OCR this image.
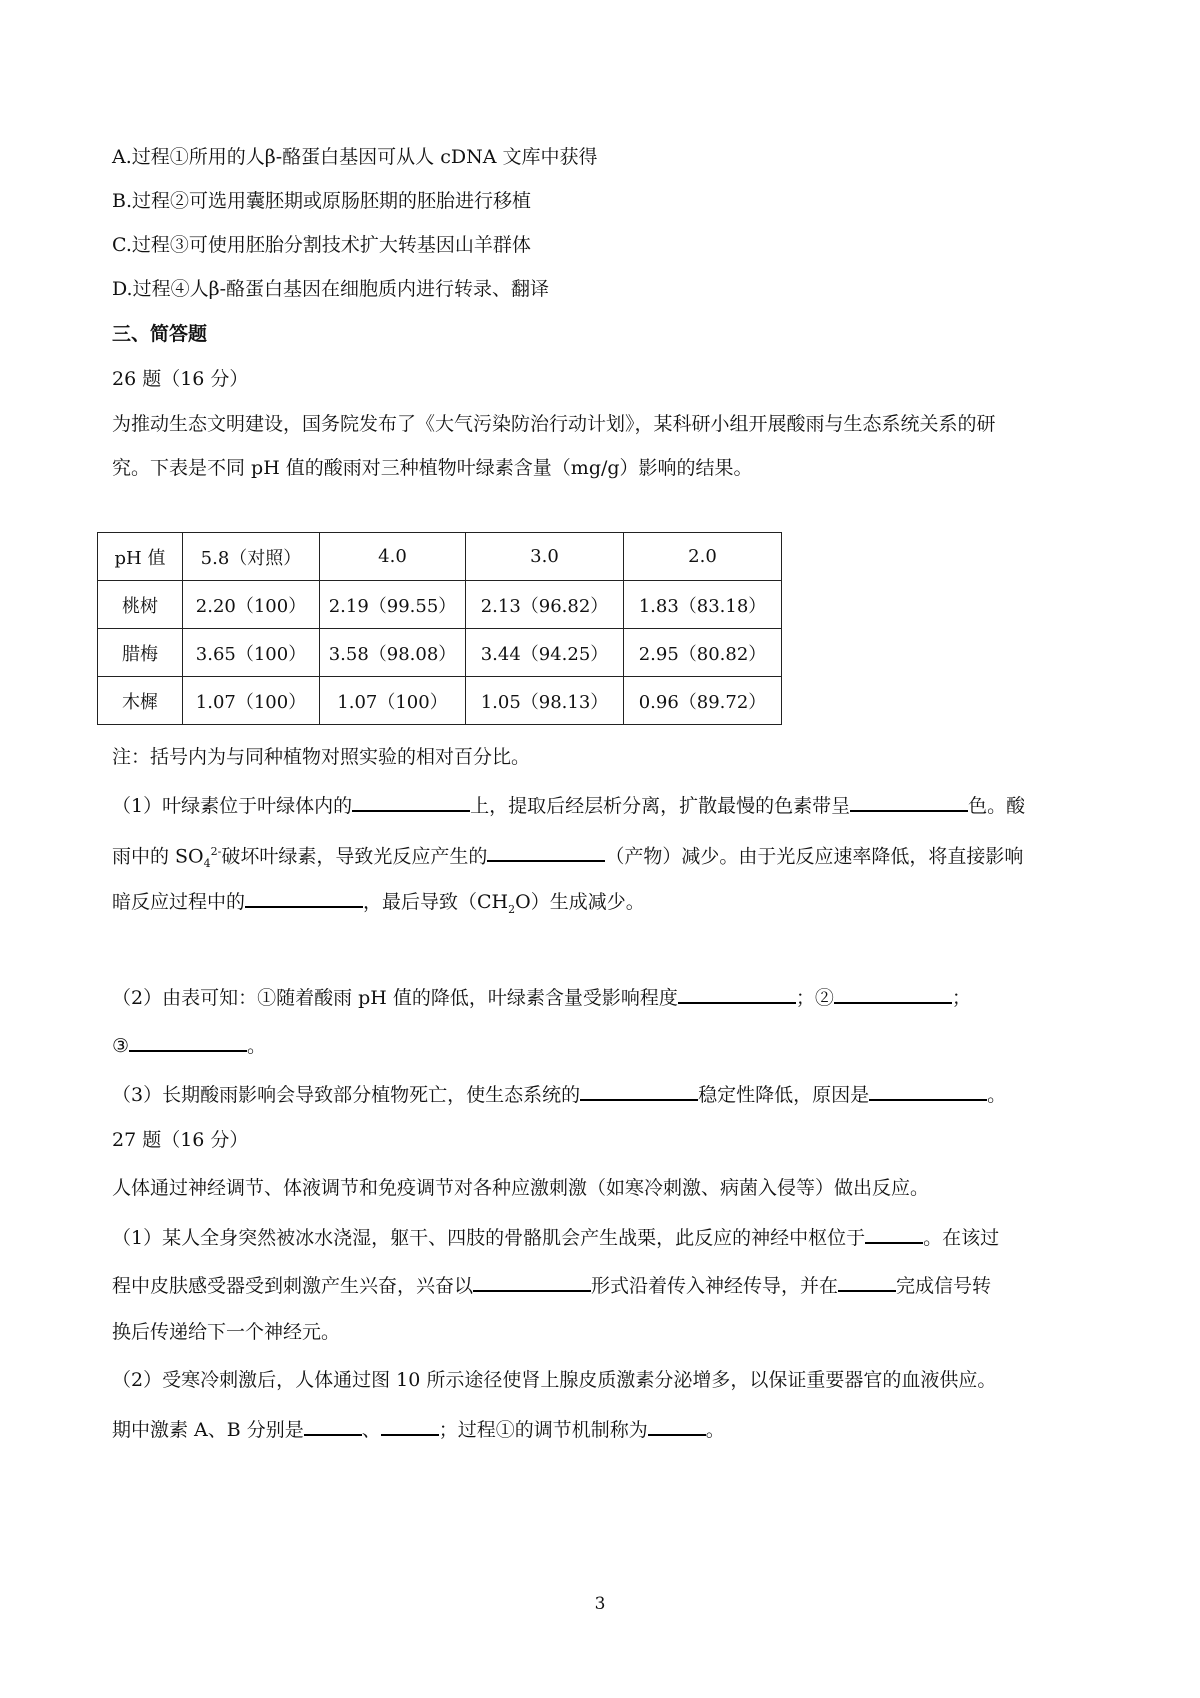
A.过程①所用的人β-酪蛋白基因可从人 cDNA 文库中获得
B.过程②可选用囊胚期或原肠胚期的胚胎进行移植
C.过程③可使用胚胎分割技术扩大转基因山羊群体
D.过程④人β-酪蛋白基因在细胞质内进行转录、翻译
三、简答题
26 题（16 分）
为推动生态文明建设，国务院发布了《大气污染防治行动计划》，某科研小组开展酸雨与生态系统关系的研
究。下表是不同 pH 值的酸雨对三种植物叶绿素含量（mg/g）影响的结果。
pH 值	5.8（对照）	4.0	3.0	2.0
桃树	2.20（100）	2.19（99.55）	2.13（96.82）	1.83（83.18）
腊梅	3.65（100）	3.58（98.08）	3.44（94.25）	2.95（80.82）
木樨	1.07（100）	1.07（100）	1.05（98.13）	0.96（89.72）
注：括号内为与同种植物对照实验的相对百分比。
（1）叶绿素位于叶绿体内的	上，提取后经层析分离，扩散最慢的色素带呈	色。酸
雨中的 $SO_4^{2-}$破坏叶绿素，导致光反应产生的	（产物）减少。由于光反应速率降低，将直接影响
暗反应过程中的	，最后导致$(CH_2O)$生成减少。
（2）由表可知：①随着酸雨 pH 值的降低，叶绿素含量受影响程度	；②	；
③	。
（3）长期酸雨影响会导致部分植物死亡，使生态系统的	稳定性降低，原因是	。
27 题（16 分）
人体通过神经调节、体液调节和免疫调节对各种应激刺激（如寒冷刺激、病菌入侵等）做出反应。
（1）某人全身突然被冰水浇湿，躯干、四肢的骨骼肌会产生战栗，此反应的神经中枢位于	。在该过
程中皮肤感受器受到刺激产生兴奋，兴奋以	形式沿着传入神经传导，并在	完成信号转
换后传递给下一个神经元。
（2）受寒冷刺激后，人体通过图 10 所示途径使肾上腺皮质激素分泌增多，以保证重要器官的血液供应。
期中激素 A、B 分别是	、	；过程①的调节机制称为	。
3
